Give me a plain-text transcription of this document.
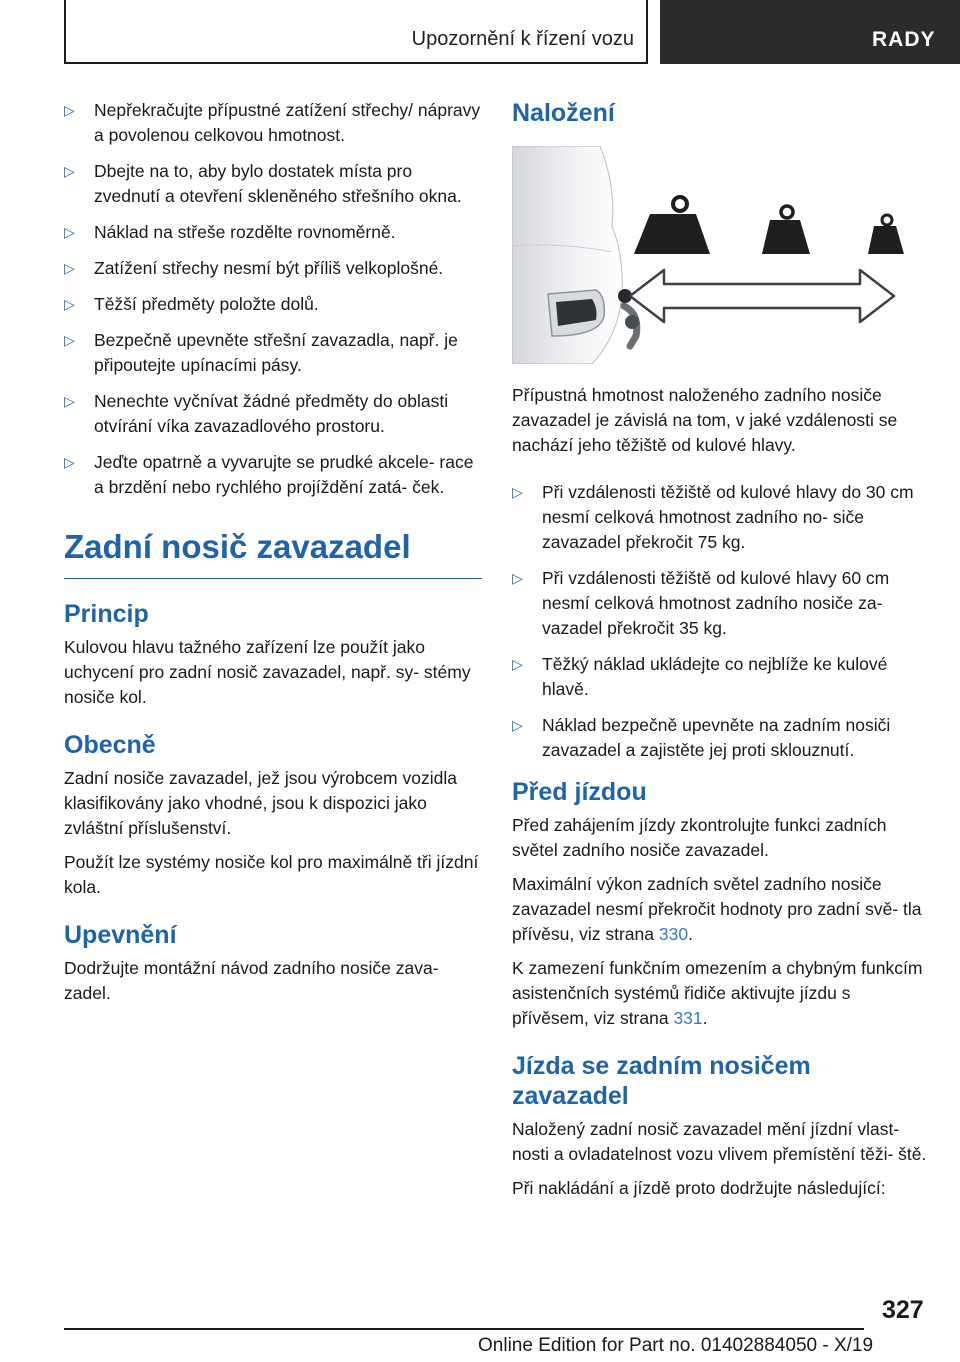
Upozornění k řízení vozu	RADY
▷ Nepřekračujte přípustné zatížení střechy/ nápravy a povolenou celkovou hmotnost.
▷ Dbejte na to, aby bylo dostatek místa pro zvednutí a otevření skleněného střešního okna.
▷ Náklad na střeše rozdělte rovnoměrně.
▷ Zatížení střechy nesmí být příliš velkoplošné.
▷ Těžší předměty položte dolů.
▷ Bezpečně upevněte střešní zavazadla, např. je připoutejte upínacími pásy.
▷ Nenechte vyčnívat žádné předměty do oblasti otvírání víka zavazadlového prostoru.
▷ Jeďte opatrně a vyvarujte se prudké akcele- race a brzdění nebo rychlého projíždění zatá- ček.
Zadní nosič zavazadel
Princip

Kulovou hlavu tažného zařízení lze použít jako uchycení pro zadní nosič zavazadel, např. sy- stémy nosiče kol.

Obecně

Zadní nosiče zavazadel, jež jsou výrobcem vozidla klasifikovány jako vhodné, jsou k dispozici jako zvláštní příslušenství.

Použít lze systémy nosiče kol pro maximálně tři jízdní kola.

Upevnění

Dodržujte montážní návod zadního nosiče zava- zadel.

Naložení

Přípustná hmotnost naloženého zadního nosiče zavazadel je závislá na tom, v jaké vzdálenosti se nachází jeho těžiště od kulové hlavy.

▷ Při vzdálenosti těžiště od kulové hlavy do 30 cm nesmí celková hmotnost zadního no- siče zavazadel překročit 75 kg.
▷ Při vzdálenosti těžiště od kulové hlavy 60 cm nesmí celková hmotnost zadního nosiče za- vazadel překročit 35 kg.
▷ Těžký náklad ukládejte co nejblíže ke kulové hlavě.
▷ Náklad bezpečně upevněte na zadním nosiči zavazadel a zajistěte jej proti sklouznutí.
Před jízdou

Před zahájením jízdy zkontrolujte funkci zadních světel zadního nosiče zavazadel.

Maximální výkon zadních světel zadního nosiče zavazadel nesmí překročit hodnoty pro zadní svě- tla přívěsu, viz strana 330.

K zamezení funkčním omezením a chybným funkcím asistenčních systémů řidiče aktivujte jízdu s přívěsem, viz strana 331.

Jízda se zadním nosičem zavazadel

Naložený zadní nosič zavazadel mění jízdní vlast- nosti a ovladatelnost vozu vlivem přemístění těži- ště.

Při nakládání a jízdě proto dodržujte následující:

327
Online Edition for Part no. 01402884050 - X/19
